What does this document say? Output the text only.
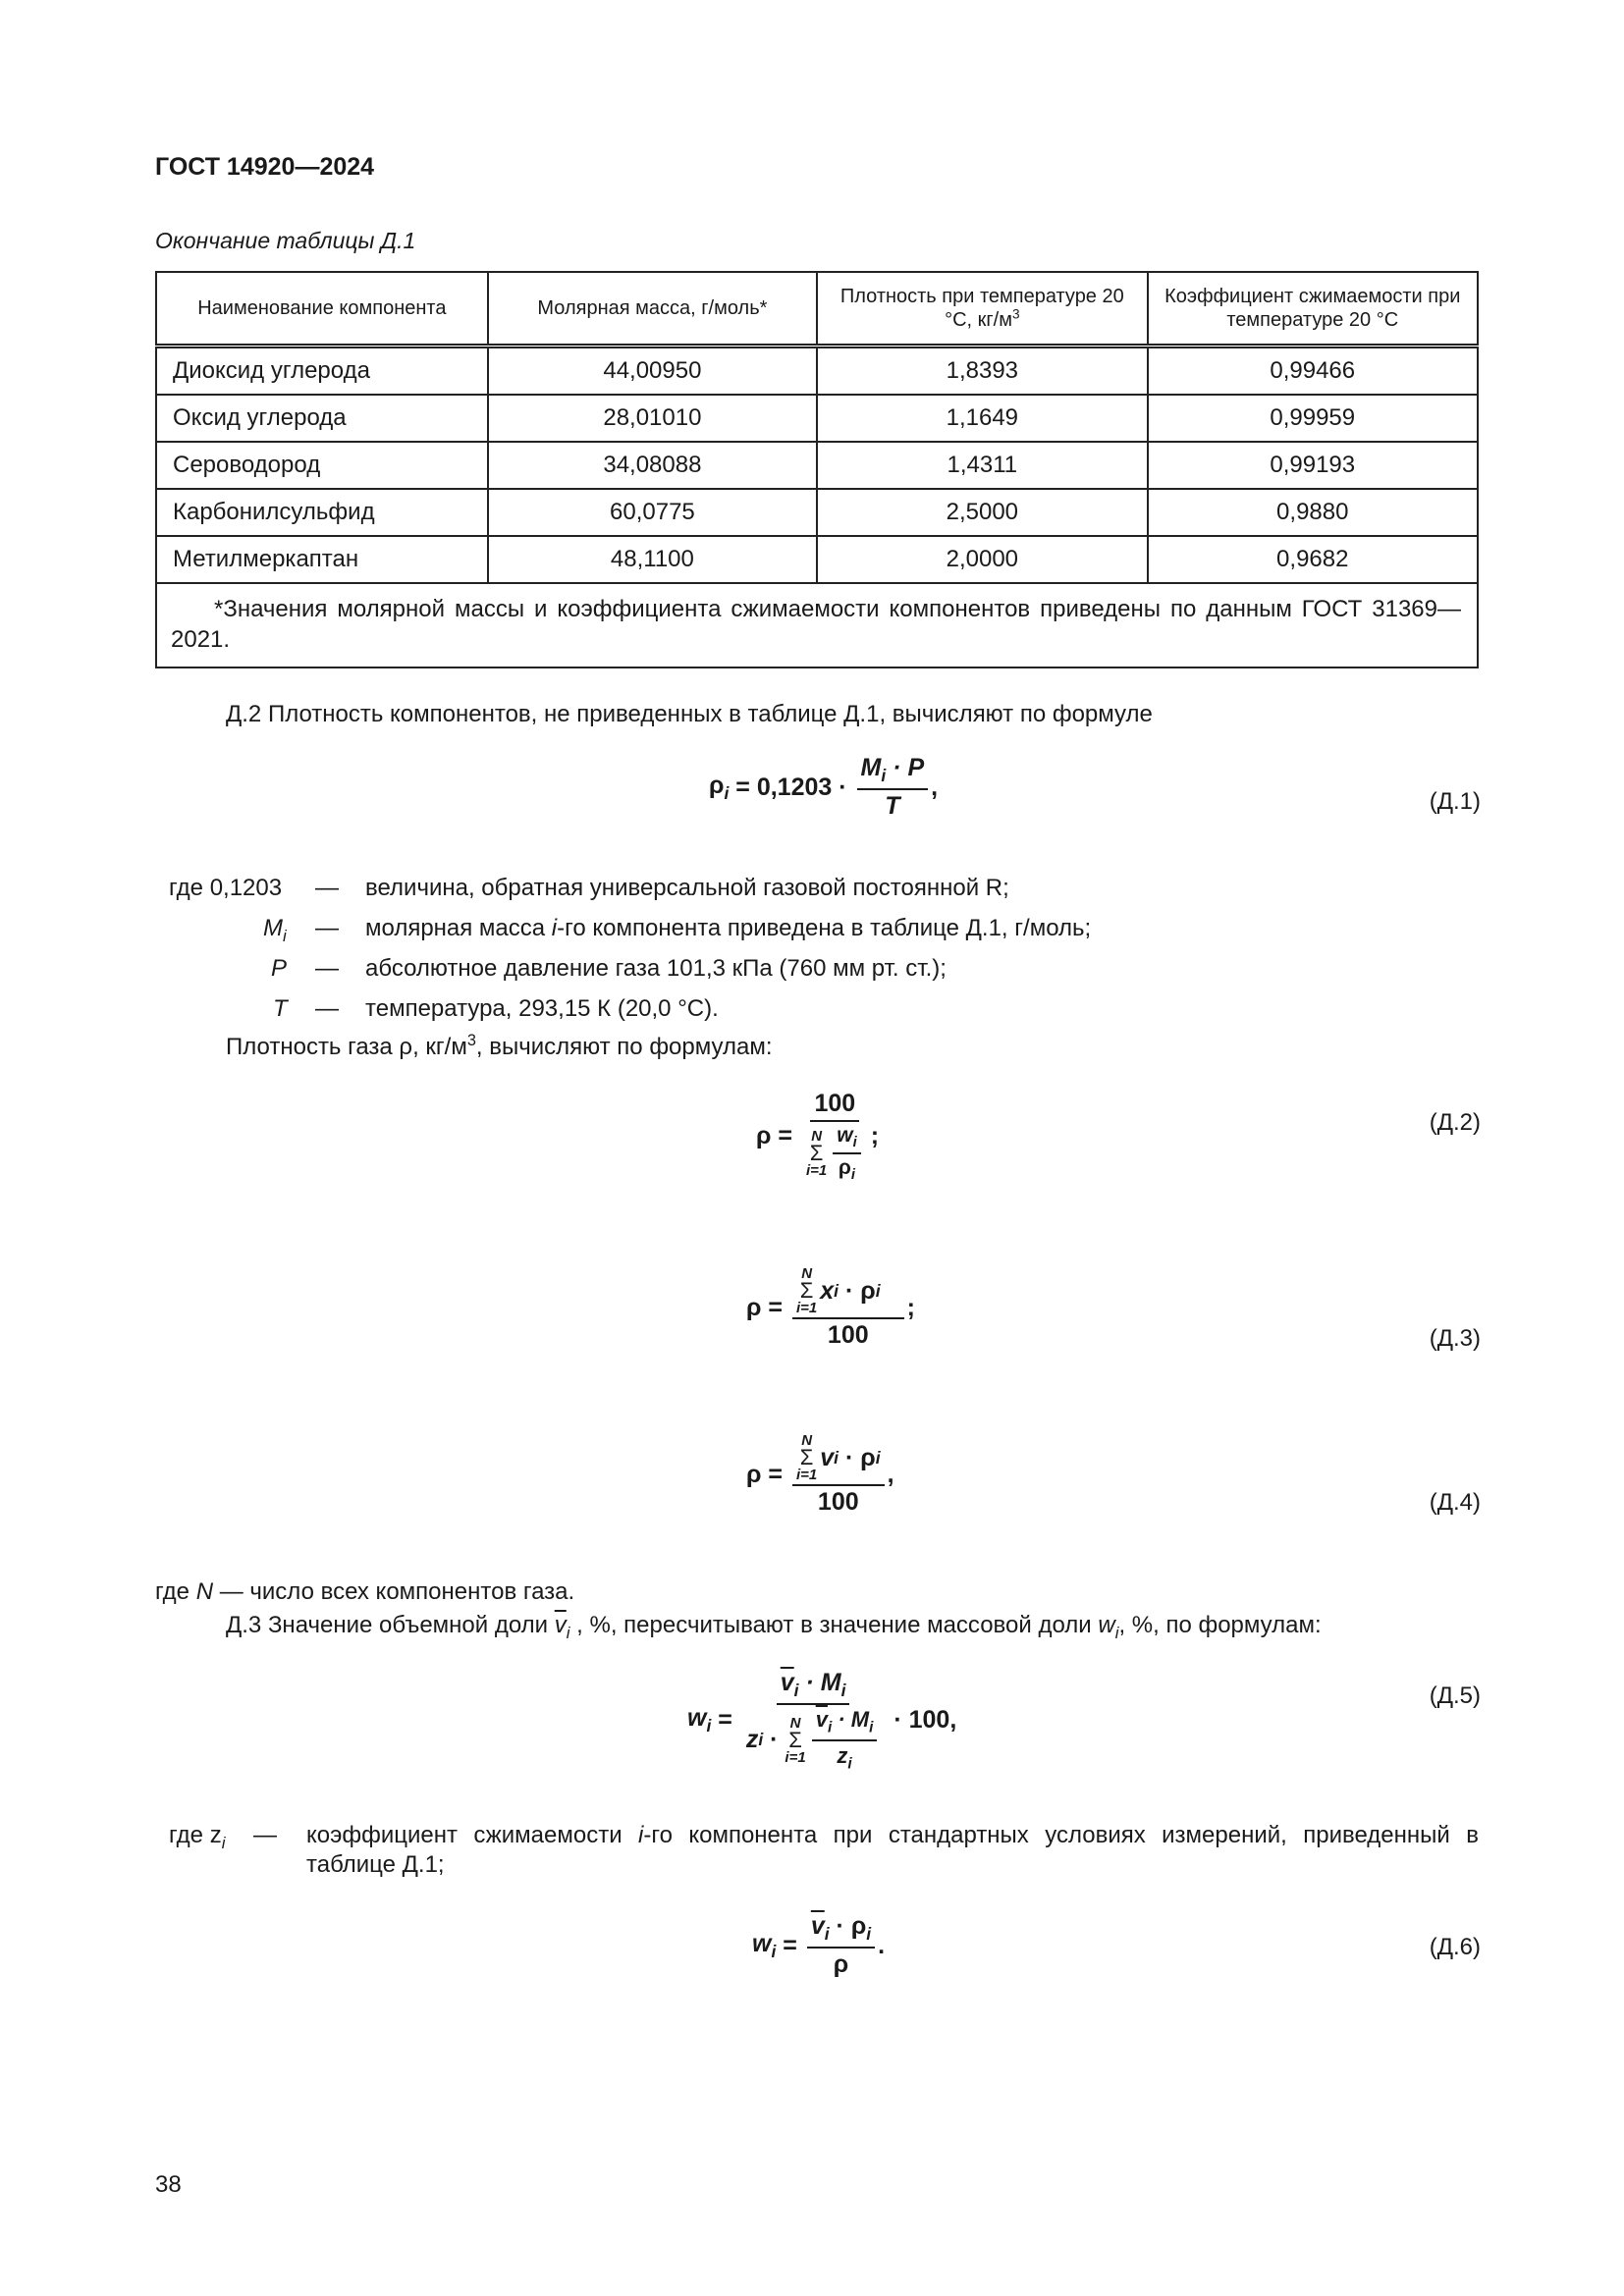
ГОСТ 14920—2024
Окончание таблицы Д.1
Наименование компонента	Молярная масса, г/моль*	Плотность при температуре 20 °С, $кг/м^3$	Коэффициент сжимаемости при температуре 20 °С
Диоксид углерода	44,00950	1,8393	0,99466
Оксид углерода	28,01010	1,1649	0,99959
Сероводород	34,08088	1,4311	0,99193
Карбонилсульфид	60,0775	2,5000	0,9880
Метилмеркаптан	48,1100	2,0000	0,9682
*Значения молярной массы и коэффициента сжимаемости компонентов приведены по данным ГОСТ 31369—2021.			
Д.2 Плотность компонентов, не приведенных в таблице Д.1, вычисляют по формуле
$\rho_i = 0,1203 \cdot \frac{M_i \cdot P}{T}$ ,
(Д.1)
где 0,1203 — величина, обратная универсальной газовой постоянной R;
$M_i$ — молярная масса i-го компонента приведена в таблице Д.1, г/моль;
P — абсолютное давление газа 101,3 кПа (760 мм рт. ст.);
T — температура, 293,15 К (20,0 °С).
Плотность газа ρ, $кг/м^3$, вычисляют по формулам:
ρ = 100
N
Σ
$i=1 \frac{w_i}{\rho_i}$ ;	(Д.2)
ρ = N
Σ
i=1
x i · ρ i
100 ;
(Д.3)
ρ = N
Σ
i=1
v i · ρ i
100 ,
(Д.4)
где N — число всех компонентов газа.
Д.3 Значение объемной доли $\overline{v}_i$ , %, пересчитывают в значение массовой доли $w_i$, %, по формулам:
$w_i = \overline{v}_i \cdot M_i$
z i ·
N
Σ
$i=1 \frac{\overline{v}_i \cdot M_i}{z_i} \cdot 100$,
(Д.5)
где $z_i$ — коэффициент сжимаемости i-го компонента при стандартных условиях измерений, приведенный в таблице Д.1;
$w_i = \frac{\overline{v}_i \cdot \rho_i}{\rho}$ .	(Д.6)
38
